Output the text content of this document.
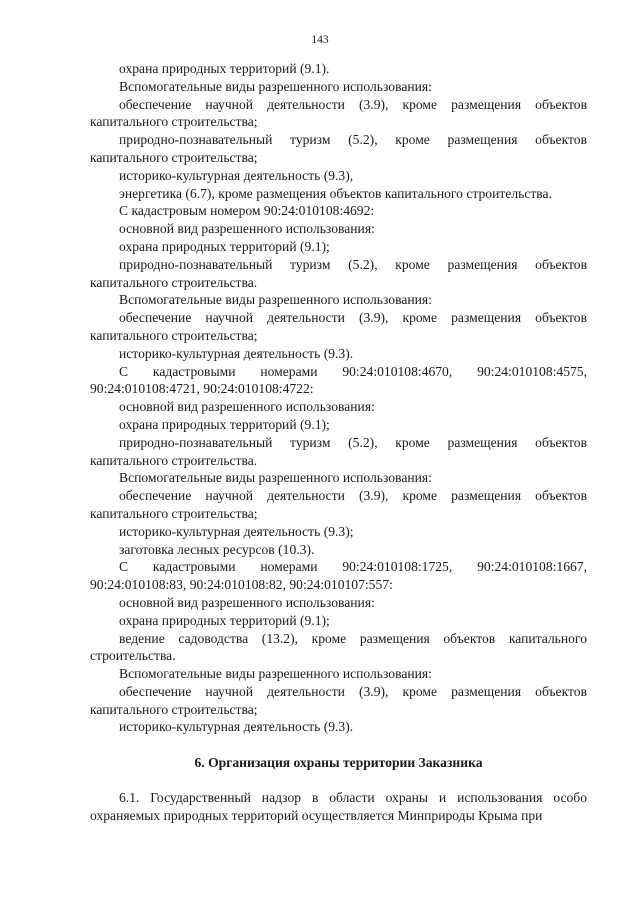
143

охрана природных территорий (9.1).

Вспомогательные виды разрешенного использования:

обеспечение научной деятельности (3.9), кроме размещения объектов капитального строительства;

природно-познавательный туризм (5.2), кроме размещения объектов капитального строительства;

историко-культурная деятельность (9.3),

энергетика (6.7), кроме размещения объектов капитального строительства.

С кадастровым номером 90:24:010108:4692:

основной вид разрешенного использования:

охрана природных территорий (9.1);

природно-познавательный туризм (5.2), кроме размещения объектов капитального строительства.

Вспомогательные виды разрешенного использования:

обеспечение научной деятельности (3.9), кроме размещения объектов капитального строительства;

историко-культурная деятельность (9.3).

С кадастровыми номерами 90:24:010108:4670, 90:24:010108:4575, 90:24:010108:4721, 90:24:010108:4722:

основной вид разрешенного использования:

охрана природных территорий (9.1);

природно-познавательный туризм (5.2), кроме размещения объектов капитального строительства.

Вспомогательные виды разрешенного использования:

обеспечение научной деятельности (3.9), кроме размещения объектов капитального строительства;

историко-культурная деятельность (9.3);

заготовка лесных ресурсов (10.3).

С кадастровыми номерами 90:24:010108:1725, 90:24:010108:1667, 90:24:010108:83, 90:24:010108:82, 90:24:010107:557:

основной вид разрешенного использования:

охрана природных территорий (9.1);

ведение садоводства (13.2), кроме размещения объектов капитального строительства.

Вспомогательные виды разрешенного использования:

обеспечение научной деятельности (3.9), кроме размещения объектов капитального строительства;

историко-культурная деятельность (9.3).

6. Организация охраны территории Заказника

6.1. Государственный надзор в области охраны и использования особо охраняемых природных территорий осуществляется Минприроды Крыма при
